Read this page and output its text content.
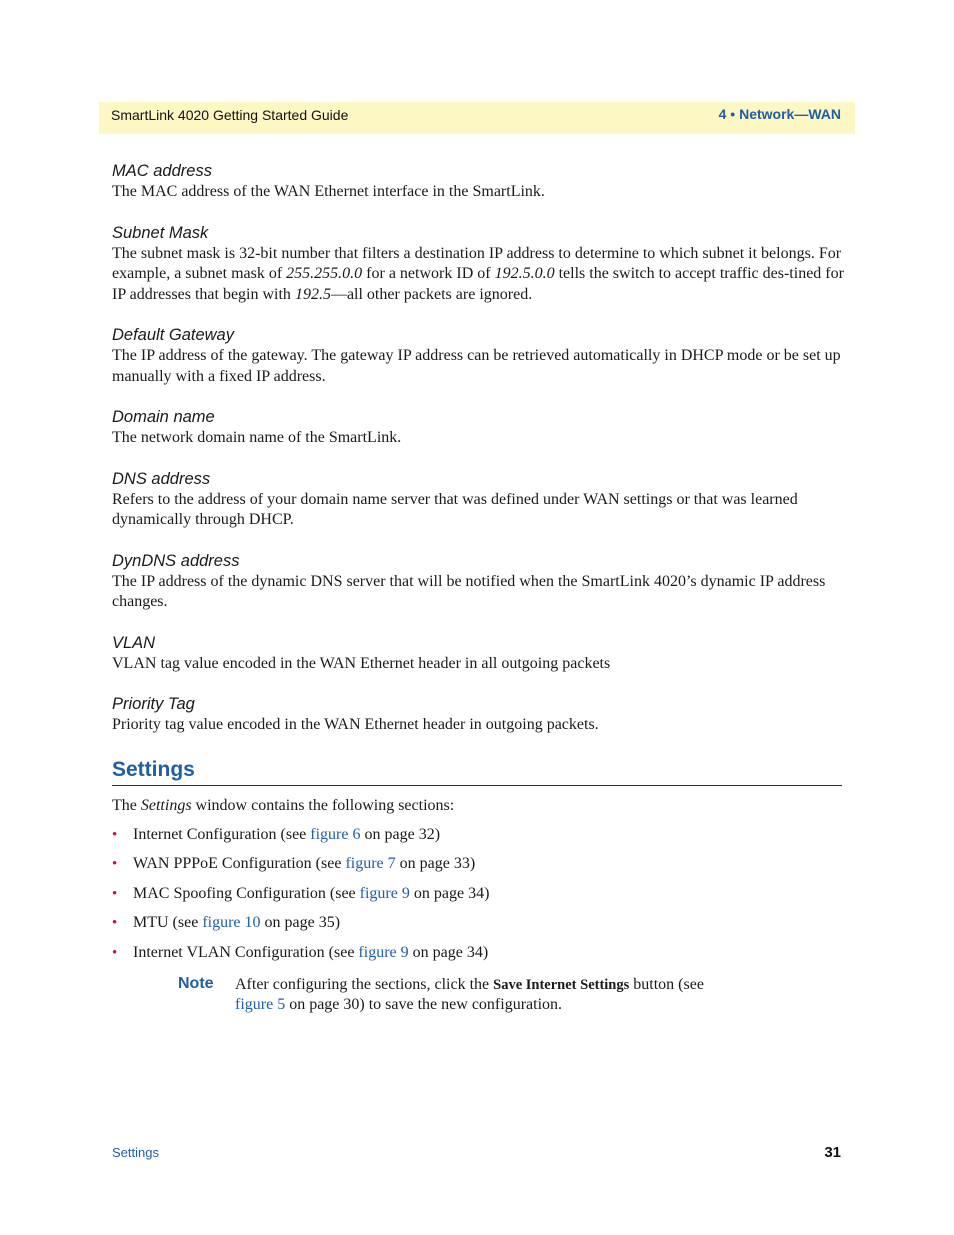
SmartLink 4020 Getting Started Guide	4 • Network—WAN

MAC address

The MAC address of the WAN Ethernet interface in the SmartLink.

Subnet Mask

The subnet mask is 32-bit number that filters a destination IP address to determine to which subnet it belongs. For example, a subnet mask of 255.255.0.0 for a network ID of 192.5.0.0 tells the switch to accept traffic des-tined for IP addresses that begin with 192.5—all other packets are ignored.

Default Gateway

The IP address of the gateway. The gateway IP address can be retrieved automatically in DHCP mode or be set up manually with a fixed IP address.

Domain name

The network domain name of the SmartLink.

DNS address

Refers to the address of your domain name server that was defined under WAN settings or that was learned dynamically through DHCP.

DynDNS address

The IP address of the dynamic DNS server that will be notified when the SmartLink 4020’s dynamic IP address changes.

VLAN

VLAN tag value encoded in the WAN Ethernet header in all outgoing packets

Priority Tag

Priority tag value encoded in the WAN Ethernet header in outgoing packets.

Settings

The Settings window contains the following sections:

• Internet Configuration (see figure 6 on page 32)
• WAN PPPoE Configuration (see figure 7 on page 33)
• MAC Spoofing Configuration (see figure 9 on page 34)
• MTU (see figure 10 on page 35)
• Internet VLAN Configuration (see figure 9 on page 34)
Note After configuring the sections, click the Save Internet Settings button (see figure 5 on page 30) to save the new configuration.
Settings	31
